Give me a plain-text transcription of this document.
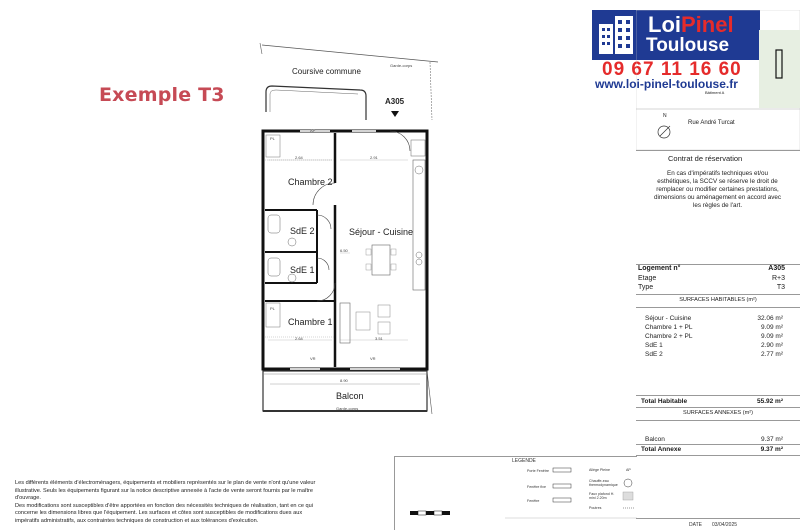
Exemple T3
Coursive commune
A305
Garde-corps
Chambre 2
Séjour - Cuisine
SdE 2
SdE 1
Chambre 1
Balcon
Garde-corps
PL
PL
VR	VR
AP
8.90
2.64	2.91
2.64	3.51
6.50
LoiPinel
Toulouse
09 67 11 16 60
www.loi-pinel-toulouse.fr
N
Rue André Turcat
Bâtiment A
Contrat de réservation
En cas d'impératifs techniques et/ou
esthétiques, la SCCV se réserve le droit de
remplacer ou modifier certaines prestations,
dimensions ou aménagement en accord avec
les règles de l'art.
Logement n°	A305
Etage	R+3
Type	T3
SURFACES HABITABLES (m²)
Séjour - Cuisine	32.06 m²
Chambre 1 + PL	9.09 m²
Chambre 2 + PL	9.09 m²
SdE 1	2.90 m²
SdE 2	2.77 m²
Total Habitable	55.92 m²
SURFACES ANNEXES (m²)
Balcon	9.37 m²
Total Annexe	9.37 m²
LEGENDE
Porte Fenêtre
Fenêtre fixe
Fenêtre
Allège Pleine	AP
Chauffe-eau thermodynamique
Faux plafond H. mini 2.20m
Poutres
DATE 03/04/2025
Les différents éléments d'électroménagers, équipements et mobiliers représentés sur le plan de vente n'ont qu'une valeur
illustrative. Seuls les équipements figurant sur la notice descriptive annexée à l'acte de vente seront fournis par le maître
d'ouvrage.
Des modifications sont susceptibles d'être apportées en fonction des nécessités techniques de réalisation, tant en ce qui
concerne les dimensions libres que l'équipement. Les surfaces et côtes sont susceptibles de modifications dues aux
impératifs administratifs, aux contraintes techniques de construction et aux tolérances d'exécution.
